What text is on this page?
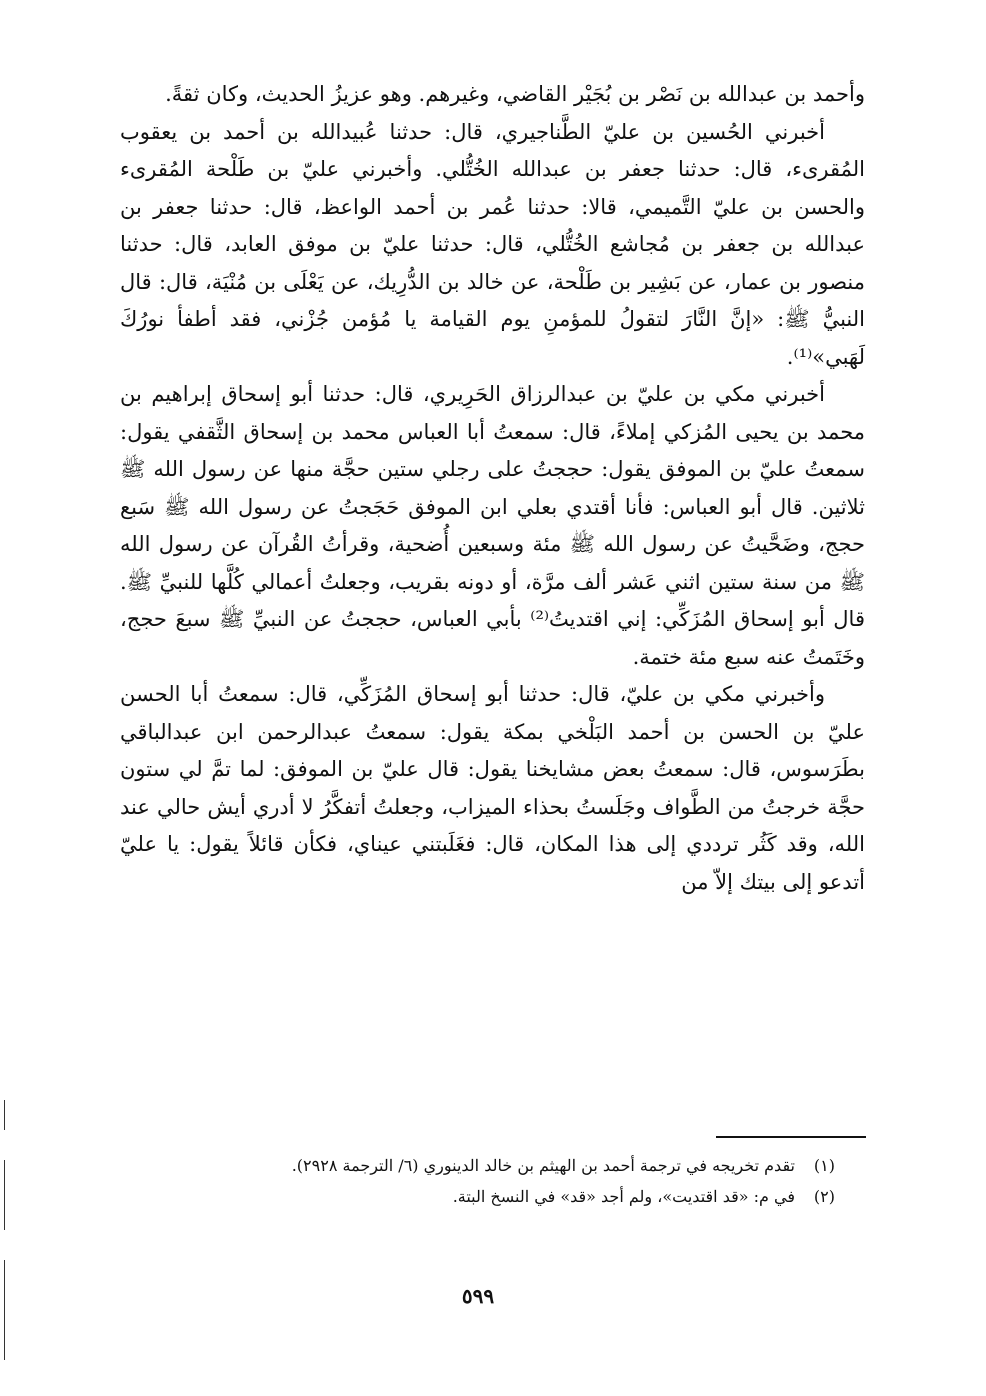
وأحمد بن عبدالله بن نَصْر بن بُجَيْر القاضي، وغيرهم. وهو عزيزُ الحديث، وكان ثقةً.

أخبرني الحُسين بن عليّ الطَّناجيري، قال: حدثنا عُبيدالله بن أحمد بن يعقوب المُقرىء، قال: حدثنا جعفر بن عبدالله الخُتُّلي. وأخبرني عليّ بن طَلْحة المُقرىء والحسن بن عليّ التَّميمي، قالا: حدثنا عُمر بن أحمد الواعظ، قال: حدثنا جعفر بن عبدالله بن جعفر بن مُجاشع الخُتُّلي، قال: حدثنا عليّ بن موفق العابد، قال: حدثنا منصور بن عمار، عن بَشِير بن طَلْحة، عن خالد بن الدُّرِيك، عن يَعْلَى بن مُنْيَة، قال: قال النبيُّ ﷺ: «إنَّ النَّارَ لتقولُ للمؤمنِ يوم القيامة يا مُؤمن جُزْني، فقد أطفأ نورُكَ لَهَبي»⁽¹⁾.

أخبرني مكي بن عليّ بن عبدالرزاق الحَرِيري، قال: حدثنا أبو إسحاق إبراهيم بن محمد بن يحيى المُزكي إملاءً، قال: سمعتُ أبا العباس محمد بن إسحاق الثَّقفي يقول: سمعتُ عليّ بن الموفق يقول: حججتُ على رجلي ستين حجَّة منها عن رسول الله ﷺ ثلاثين. قال أبو العباس: فأنا أقتدي بعلي ابن الموفق حَجَجتُ عن رسول الله ﷺ سَبع حجج، وضَحَّيتُ عن رسول الله ﷺ مئة وسبعين أُضحية، وقرأتُ القُرآن عن رسول الله ﷺ من سنة ستين اثني عَشر ألف مرَّة، أو دونه بقريب، وجعلتُ أعمالي كُلَّها للنبيِّ ﷺ. قال أبو إسحاق المُزَكِّي: إني اقتديتُ⁽²⁾ بأبي العباس، حججتُ عن النبيِّ ﷺ سبعَ حجج، وخَتَمتُ عنه سبع مئة ختمة.

وأخبرني مكي بن عليّ، قال: حدثنا أبو إسحاق المُزَكِّي، قال: سمعتُ أبا الحسن عليّ بن الحسن بن أحمد البَلْخي بمكة يقول: سمعتُ عبدالرحمن ابن عبدالباقي بطَرَسوس، قال: سمعتُ بعض مشايخنا يقول: قال عليّ بن الموفق: لما تمَّ لي ستون حجَّة خرجتُ من الطَّواف وجَلَستُ بحذاء الميزاب، وجعلتُ أتفكَّرُ لا أدري أيش حالي عند الله، وقد كَثُر ترددي إلى هذا المكان، قال: فغَلَبتني عيناي، فكأن قائلاً يقول: يا عليّ أتدعو إلى بيتك إلاّ من

(١)
تقدم تخريجه في ترجمة أحمد بن الهيثم بن خالد الدينوري (٦/ الترجمة ٢٩٢٨).
(٢)
في م: «قد اقتديت»، ولم أجد «قد» في النسخ البتة.
٥٩٩
